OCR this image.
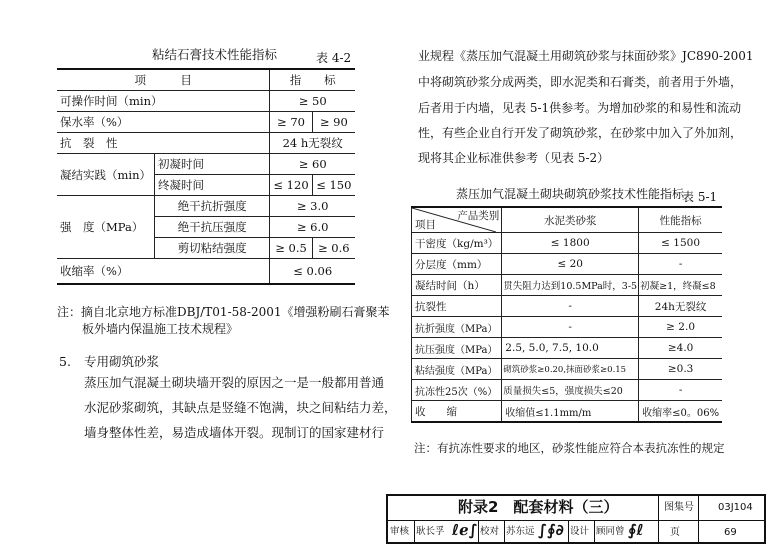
粘结石膏技术性能指标	表 4-2
项　　　目		指　　标	
可操作时间（min）		≥ 50	
保水率（%）		≥ 70	≥ 90
抗　裂　性		24 h无裂纹	
凝结实践（min）	初凝时间	≥ 60	
	终凝时间	≤ 120	≤ 150
强　度（MPa）	绝干抗折强度	≥ 3.0	
	绝干抗压强度	≥ 6.0	
	剪切粘结强度	≥ 0.5	≥ 0.6
收缩率（%）		≤ 0.06	
注：摘自北京地方标准DBJ/T01-58-2001《增强粉刷石膏聚苯
板外墙内保温施工技术规程》
5. 专用砌筑砂浆
蒸压加气混凝土砌块墙开裂的原因之一是一般都用普通
水泥砂浆砌筑，其缺点是竖缝不饱满，块之间粘结力差，
墙身整体性差，易造成墙体开裂。现制订的国家建材行
业规程《蒸压加气混凝土用砌筑砂浆与抹面砂浆》JC890-2001
中将砌筑砂浆分成两类，即水泥类和石膏类，前者用于外墙，
后者用于内墙，见表 5-1供参考。为增加砂浆的和易性和流动
性，有些企业自行开发了砌筑砂浆，在砂浆中加入了外加剂，
现将其企业标准供参考（见表 5-2）
蒸压加气混凝土砌块砌筑砂浆技术性能指标
表 5-1
产品类别
项目	水泥类砂浆	性能指标
干密度（kg/m³）	≤ 1800	≤ 1500
分层度（mm）	≤ 20	-
凝结时间（h）	贯失阻力达到10.5MPa时，3-5	初凝≥1，终凝≤8
抗裂性	-	24h无裂纹
抗折强度（MPa）	-	≥ 2.0
抗压强度（MPa）	2.5, 5.0, 7.5, 10.0	≥4.0
粘结强度（MPa）	砌筑砂浆≥0.20,抹面砂浆≥0.15	≥0.3
抗冻性25次（%）	质量损失≤5，强度损失≤20	-
收　　缩	收缩值≤1.1mm/m	收缩率≤0。06%
注：有抗冻性要求的地区，砂浆性能应符合本表抗冻性的规定
附录2　配套材料（三）	图集号 03J104
页	69
审核 耿长孚 ℓℯ∫ 校对 苏东远 ∫∮∂ 设计 顾同曾 ∮ℓ
